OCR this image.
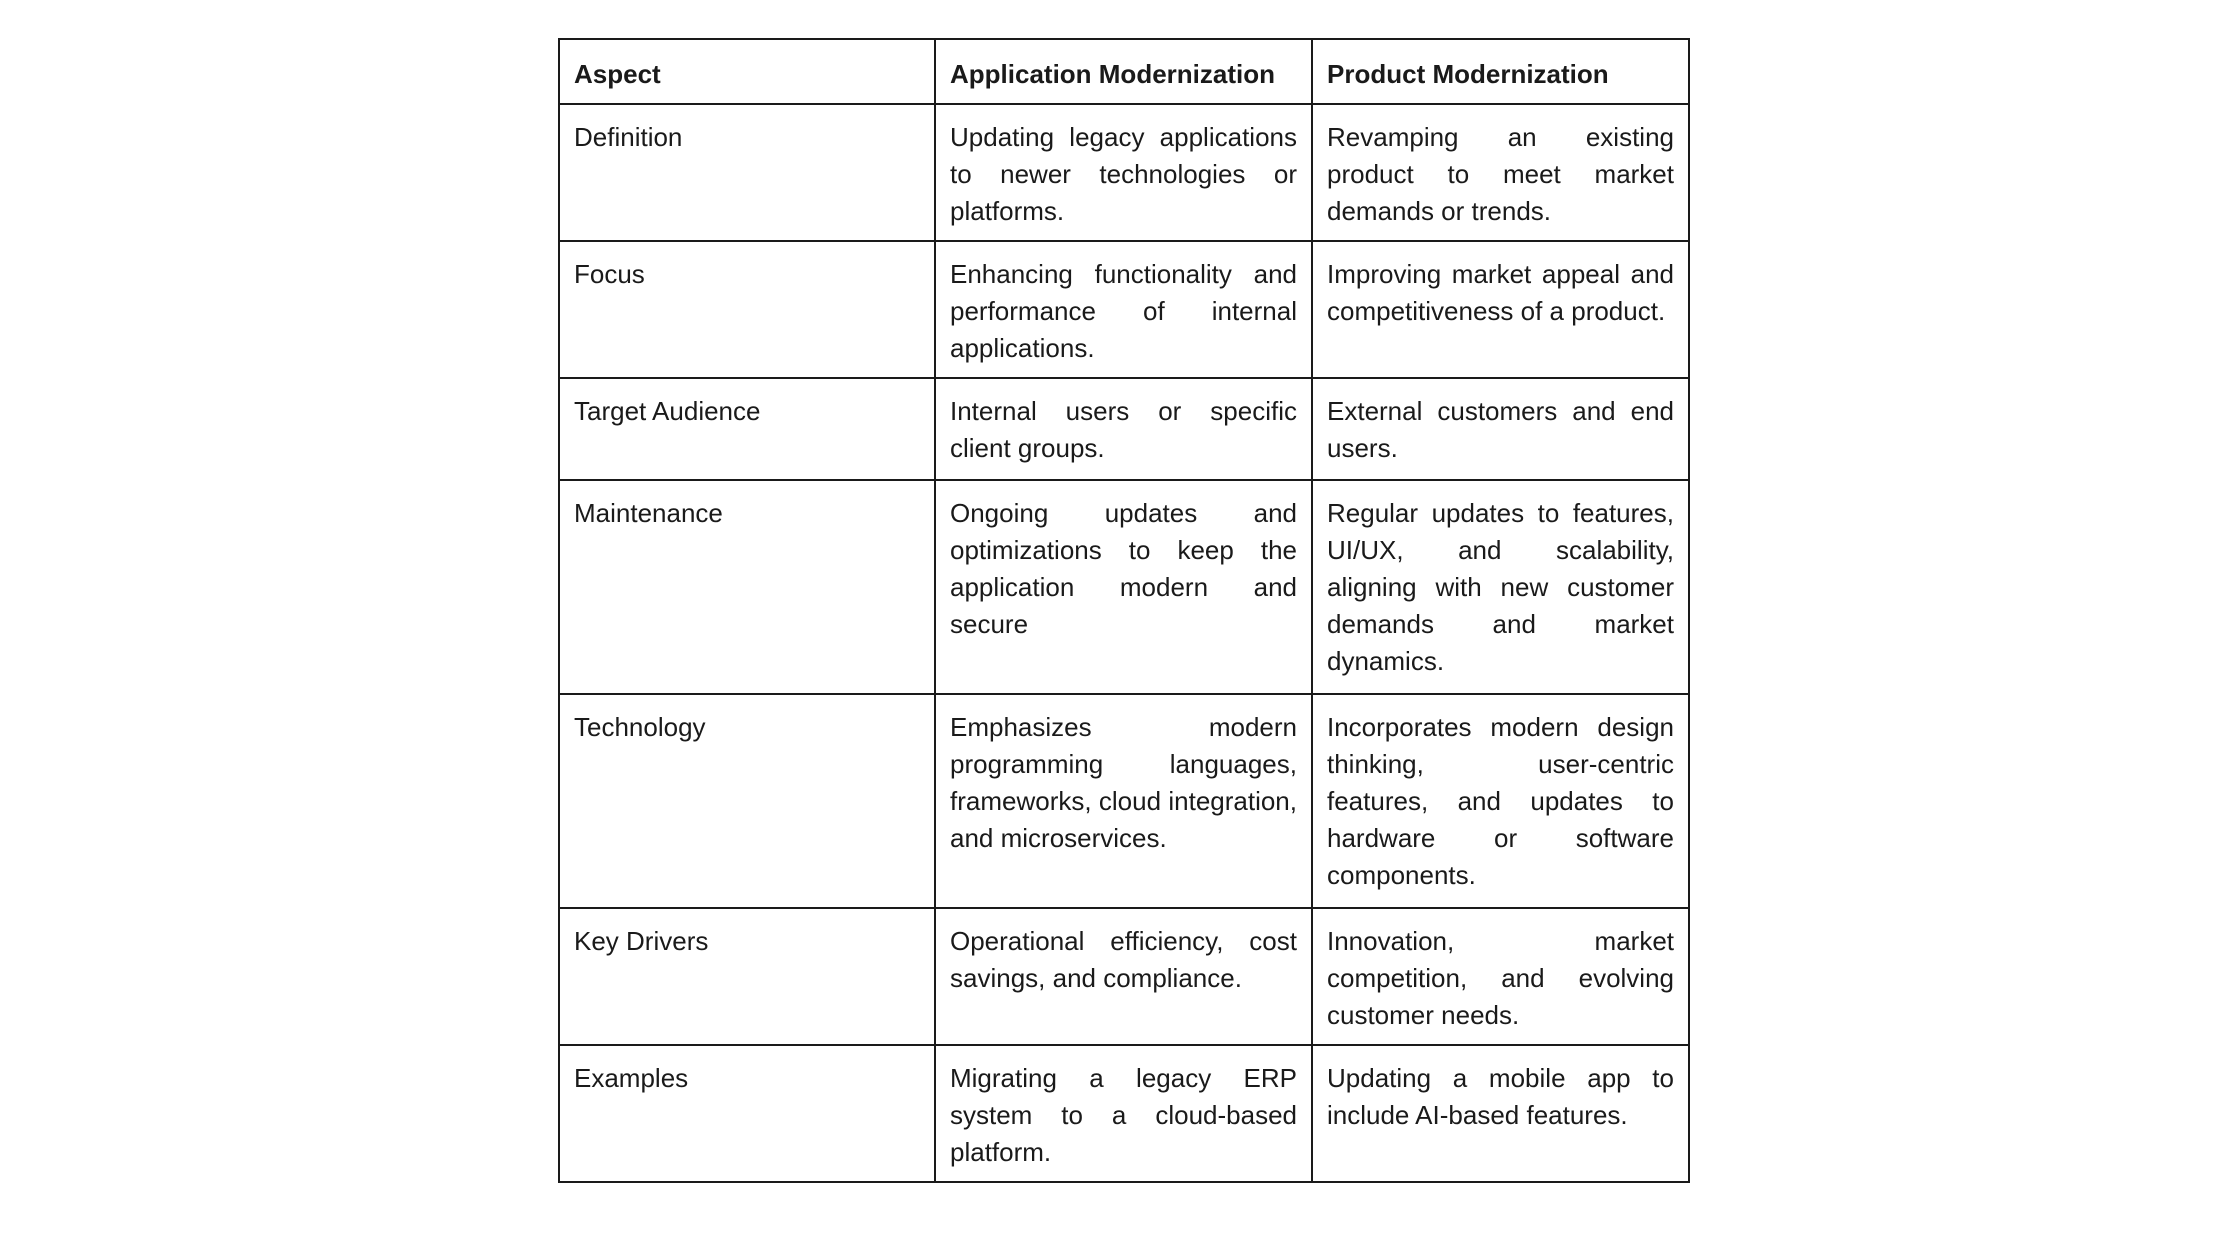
Aspect	Application Modernization	Product Modernization
Definition	Updating legacy applications to newer technologies or platforms.	Revamping an existing product to meet market demands or trends.
Focus	Enhancing functionality and performance of internal applications.	Improving market appeal and competitiveness of a product.
Target Audience	Internal users or specific client groups.	External customers and end users.
Maintenance	Ongoing updates and optimizations to keep the application modern and secure	Regular updates to features, UI/UX, and scalability, aligning with new customer demands and market dynamics.
Technology	Emphasizes modern programming languages, frameworks, cloud integration, and microservices.	Incorporates modern design thinking, user-centric features, and updates to hardware or software components.
Key Drivers	Operational efficiency, cost savings, and compliance.	Innovation, market competition, and evolving customer needs.
Examples	Migrating a legacy ERP system to a cloud-based platform.	Updating a mobile app to include AI-based features.
